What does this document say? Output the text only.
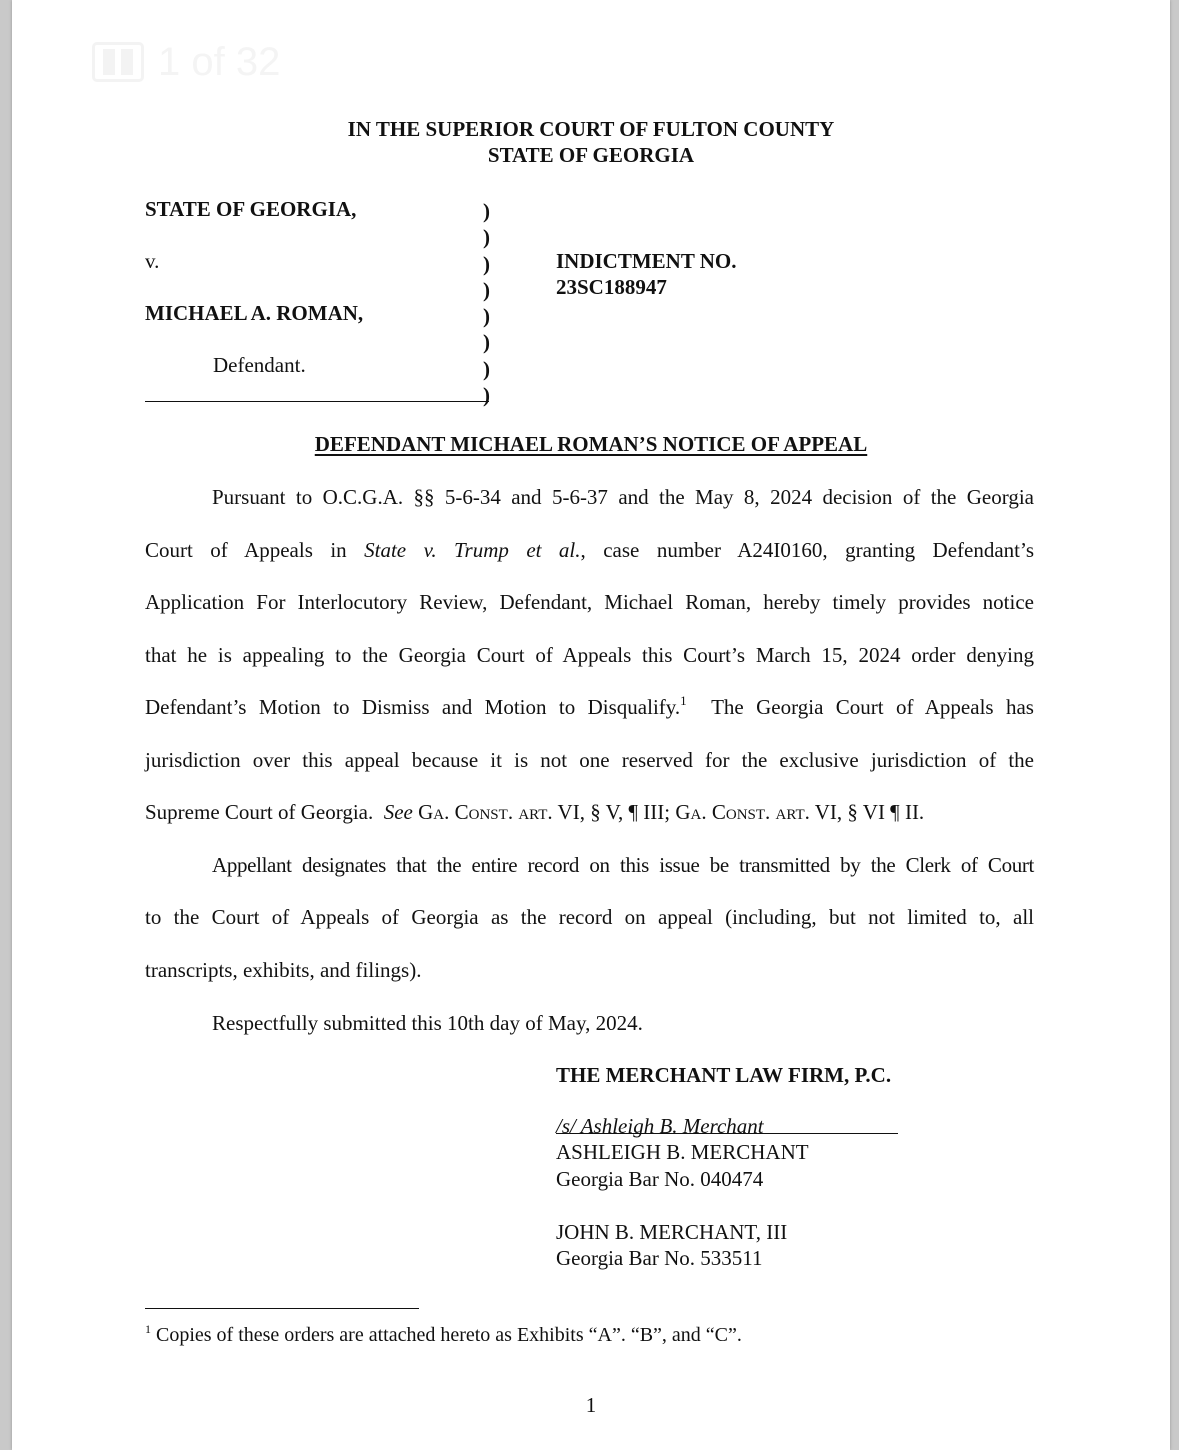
1 of 32
IN THE SUPERIOR COURT OF FULTON COUNTY
STATE OF GEORGIA
STATE OF GEORGIA,
v.
MICHAEL A. ROMAN,
Defendant.
)
)
)
)
)
)
)
)
INDICTMENT NO.
23SC188947
DEFENDANT MICHAEL ROMAN’S NOTICE OF APPEAL
Pursuant to O.C.G.A. §§ 5-6-34 and 5-6-37 and the May 8, 2024 decision of the Georgia
Court of Appeals in State v. Trump et al., case number A24I0160, granting Defendant’s
Application For Interlocutory Review, Defendant, Michael Roman, hereby timely provides notice
that he is appealing to the Georgia Court of Appeals this Court’s March 15, 2024 order denying
Defendant’s Motion to Dismiss and Motion to Disqualify.$^1$  The Georgia Court of Appeals has
jurisdiction over this appeal because it is not one reserved for the exclusive jurisdiction of the
Supreme Court of Georgia.  See Ga. Const. art. VI, § V, ¶ III; Ga. Const. art. VI, § VI ¶ II.
Appellant designates that the entire record on this issue be transmitted by the Clerk of Court
to the Court of Appeals of Georgia as the record on appeal (including, but not limited to, all
transcripts, exhibits, and filings).
Respectfully submitted this 10th day of May, 2024.
THE MERCHANT LAW FIRM, P.C.
/s/ Ashleigh B. Merchant
ASHLEIGH B. MERCHANT
Georgia Bar No. 040474
JOHN B. MERCHANT, III
Georgia Bar No. 533511
$^1$ Copies of these orders are attached hereto as Exhibits “A”. “B”, and “C”.
1
